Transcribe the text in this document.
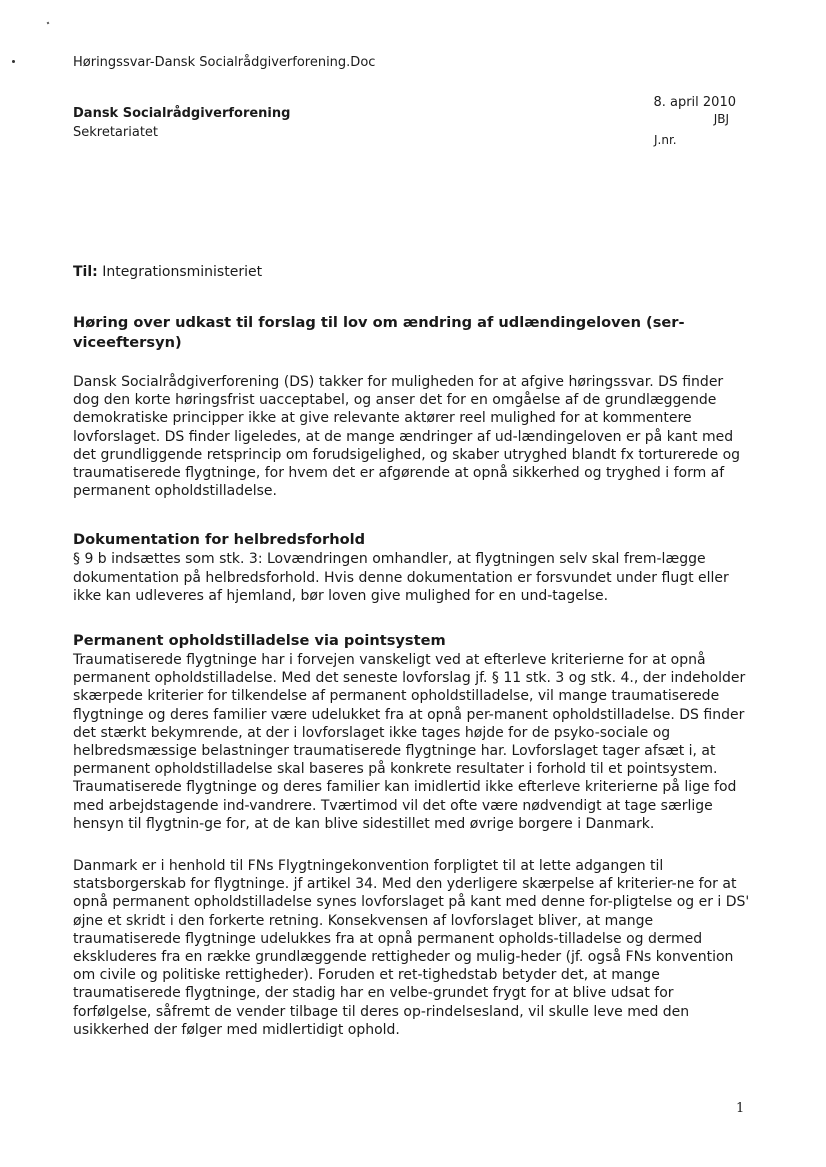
Høringssvar-Dansk Socialrådgiverforening.Doc
Dansk Socialrådgiverforening
Sekretariatet
8. april 2010
JBJ
J.nr.
Til: Integrationsministeriet

Høring over udkast til forslag til lov om ændring af udlændingeloven (ser-viceeftersyn)

Dansk Socialrådgiverforening (DS) takker for muligheden for at afgive høringssvar. DS finder dog den korte høringsfrist uacceptabel, og anser det for en omgåelse af de grundlæggende demokratiske principper ikke at give relevante aktører reel mulighed for at kommentere lovforslaget. DS finder ligeledes, at de mange ændringer af ud-lændingeloven er på kant med det grundliggende retsprincip om forudsigelighed, og skaber utryghed blandt fx torturerede og traumatiserede flygtninge, for hvem det er afgørende at opnå sikkerhed og tryghed i form af permanent opholdstilladelse.

Dokumentation for helbredsforhold

§ 9 b indsættes som stk. 3: Lovændringen omhandler, at flygtningen selv skal frem-lægge dokumentation på helbredsforhold. Hvis denne dokumentation er forsvundet under flugt eller ikke kan udleveres af hjemland, bør loven give mulighed for en und-tagelse.

Permanent opholdstilladelse via pointsystem

Traumatiserede flygtninge har i forvejen vanskeligt ved at efterleve kriterierne for at opnå permanent opholdstilladelse. Med det seneste lovforslag jf. § 11 stk. 3 og stk. 4., der indeholder skærpede kriterier for tilkendelse af permanent opholdstilladelse, vil mange traumatiserede flygtninge og deres familier være udelukket fra at opnå per-manent opholdstilladelse. DS finder det stærkt bekymrende, at der i lovforslaget ikke tages højde for de psyko-sociale og helbredsmæssige belastninger traumatiserede flygtninge har. Lovforslaget tager afsæt i, at permanent opholdstilladelse skal baseres på konkrete resultater i forhold til et pointsystem. Traumatiserede flygtninge og deres familier kan imidlertid ikke efterleve kriterierne på lige fod med arbejdstagende ind-vandrere. Tværtimod vil det ofte være nødvendigt at tage særlige hensyn til flygtnin-ge for, at de kan blive sidestillet med øvrige borgere i Danmark.

Danmark er i henhold til FNs Flygtningekonvention forpligtet til at lette adgangen til statsborgerskab for flygtninge. jf artikel 34. Med den yderligere skærpelse af kriterier-ne for at opnå permanent opholdstilladelse synes lovforslaget på kant med denne for-pligtelse og er i DS' øjne et skridt i den forkerte retning. Konsekvensen af lovforslaget bliver, at mange traumatiserede flygtninge udelukkes fra at opnå permanent opholds-tilladelse og dermed ekskluderes fra en række grundlæggende rettigheder og mulig-heder (jf. også FNs konvention om civile og politiske rettigheder). Foruden et ret-tighedstab betyder det, at mange traumatiserede flygtninge, der stadig har en velbe-grundet frygt for at blive udsat for forfølgelse, såfremt de vender tilbage til deres op-rindelsesland, vil skulle leve med den usikkerhed der følger med midlertidigt ophold.

1
